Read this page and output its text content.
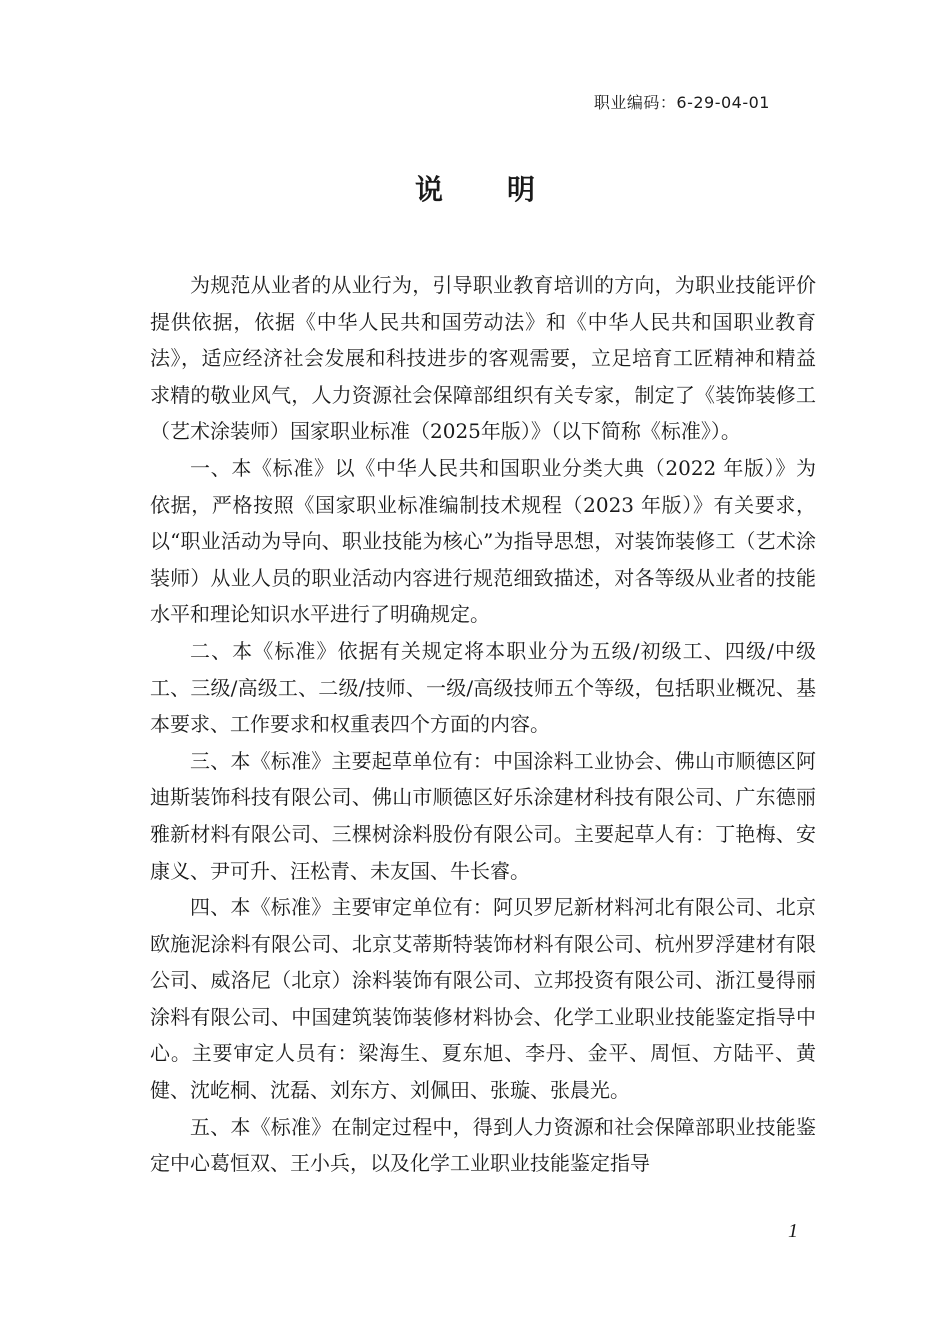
职业编码：6-29-04-01
说 明

为规范从业者的从业行为，引导职业教育培训的方向，为职业技能评价提供依据，依据《中华人民共和国劳动法》和《中华人民共和国职业教育法》，适应经济社会发展和科技进步的客观需要，立足培育工匠精神和精益求精的敬业风气，人力资源社会保障部组织有关专家，制定了《装饰装修工（艺术涂装师）国家职业标准（2025年版）》（以下简称《标准》）。

一、本《标准》以《中华人民共和国职业分类大典（2022 年版）》为依据，严格按照《国家职业标准编制技术规程（2023 年版）》有关要求，以“职业活动为导向、职业技能为核心”为指导思想，对装饰装修工（艺术涂装师）从业人员的职业活动内容进行规范细致描述，对各等级从业者的技能水平和理论知识水平进行了明确规定。

二、本《标准》依据有关规定将本职业分为五级/初级工、四级/中级工、三级/高级工、二级/技师、一级/高级技师五个等级，包括职业概况、基本要求、工作要求和权重表四个方面的内容。

三、本《标准》主要起草单位有：中国涂料工业协会、佛山市顺德区阿迪斯装饰科技有限公司、佛山市顺德区好乐涂建材科技有限公司、广东德丽雅新材料有限公司、三棵树涂料股份有限公司。主要起草人有：丁艳梅、安康义、尹可升、汪松青、未友国、牛长睿。

四、本《标准》主要审定单位有：阿贝罗尼新材料河北有限公司、北京欧施泥涂料有限公司、北京艾蒂斯特装饰材料有限公司、杭州罗浮建材有限公司、威洛尼（北京）涂料装饰有限公司、立邦投资有限公司、浙江曼得丽涂料有限公司、中国建筑装饰装修材料协会、化学工业职业技能鉴定指导中心。主要审定人员有：梁海生、夏东旭、李丹、金平、周恒、方陆平、黄健、沈屹桐、沈磊、刘东方、刘佩田、张璇、张晨光。

五、本《标准》在制定过程中，得到人力资源和社会保障部职业技能鉴定中心葛恒双、王小兵，以及化学工业职业技能鉴定指导

1
